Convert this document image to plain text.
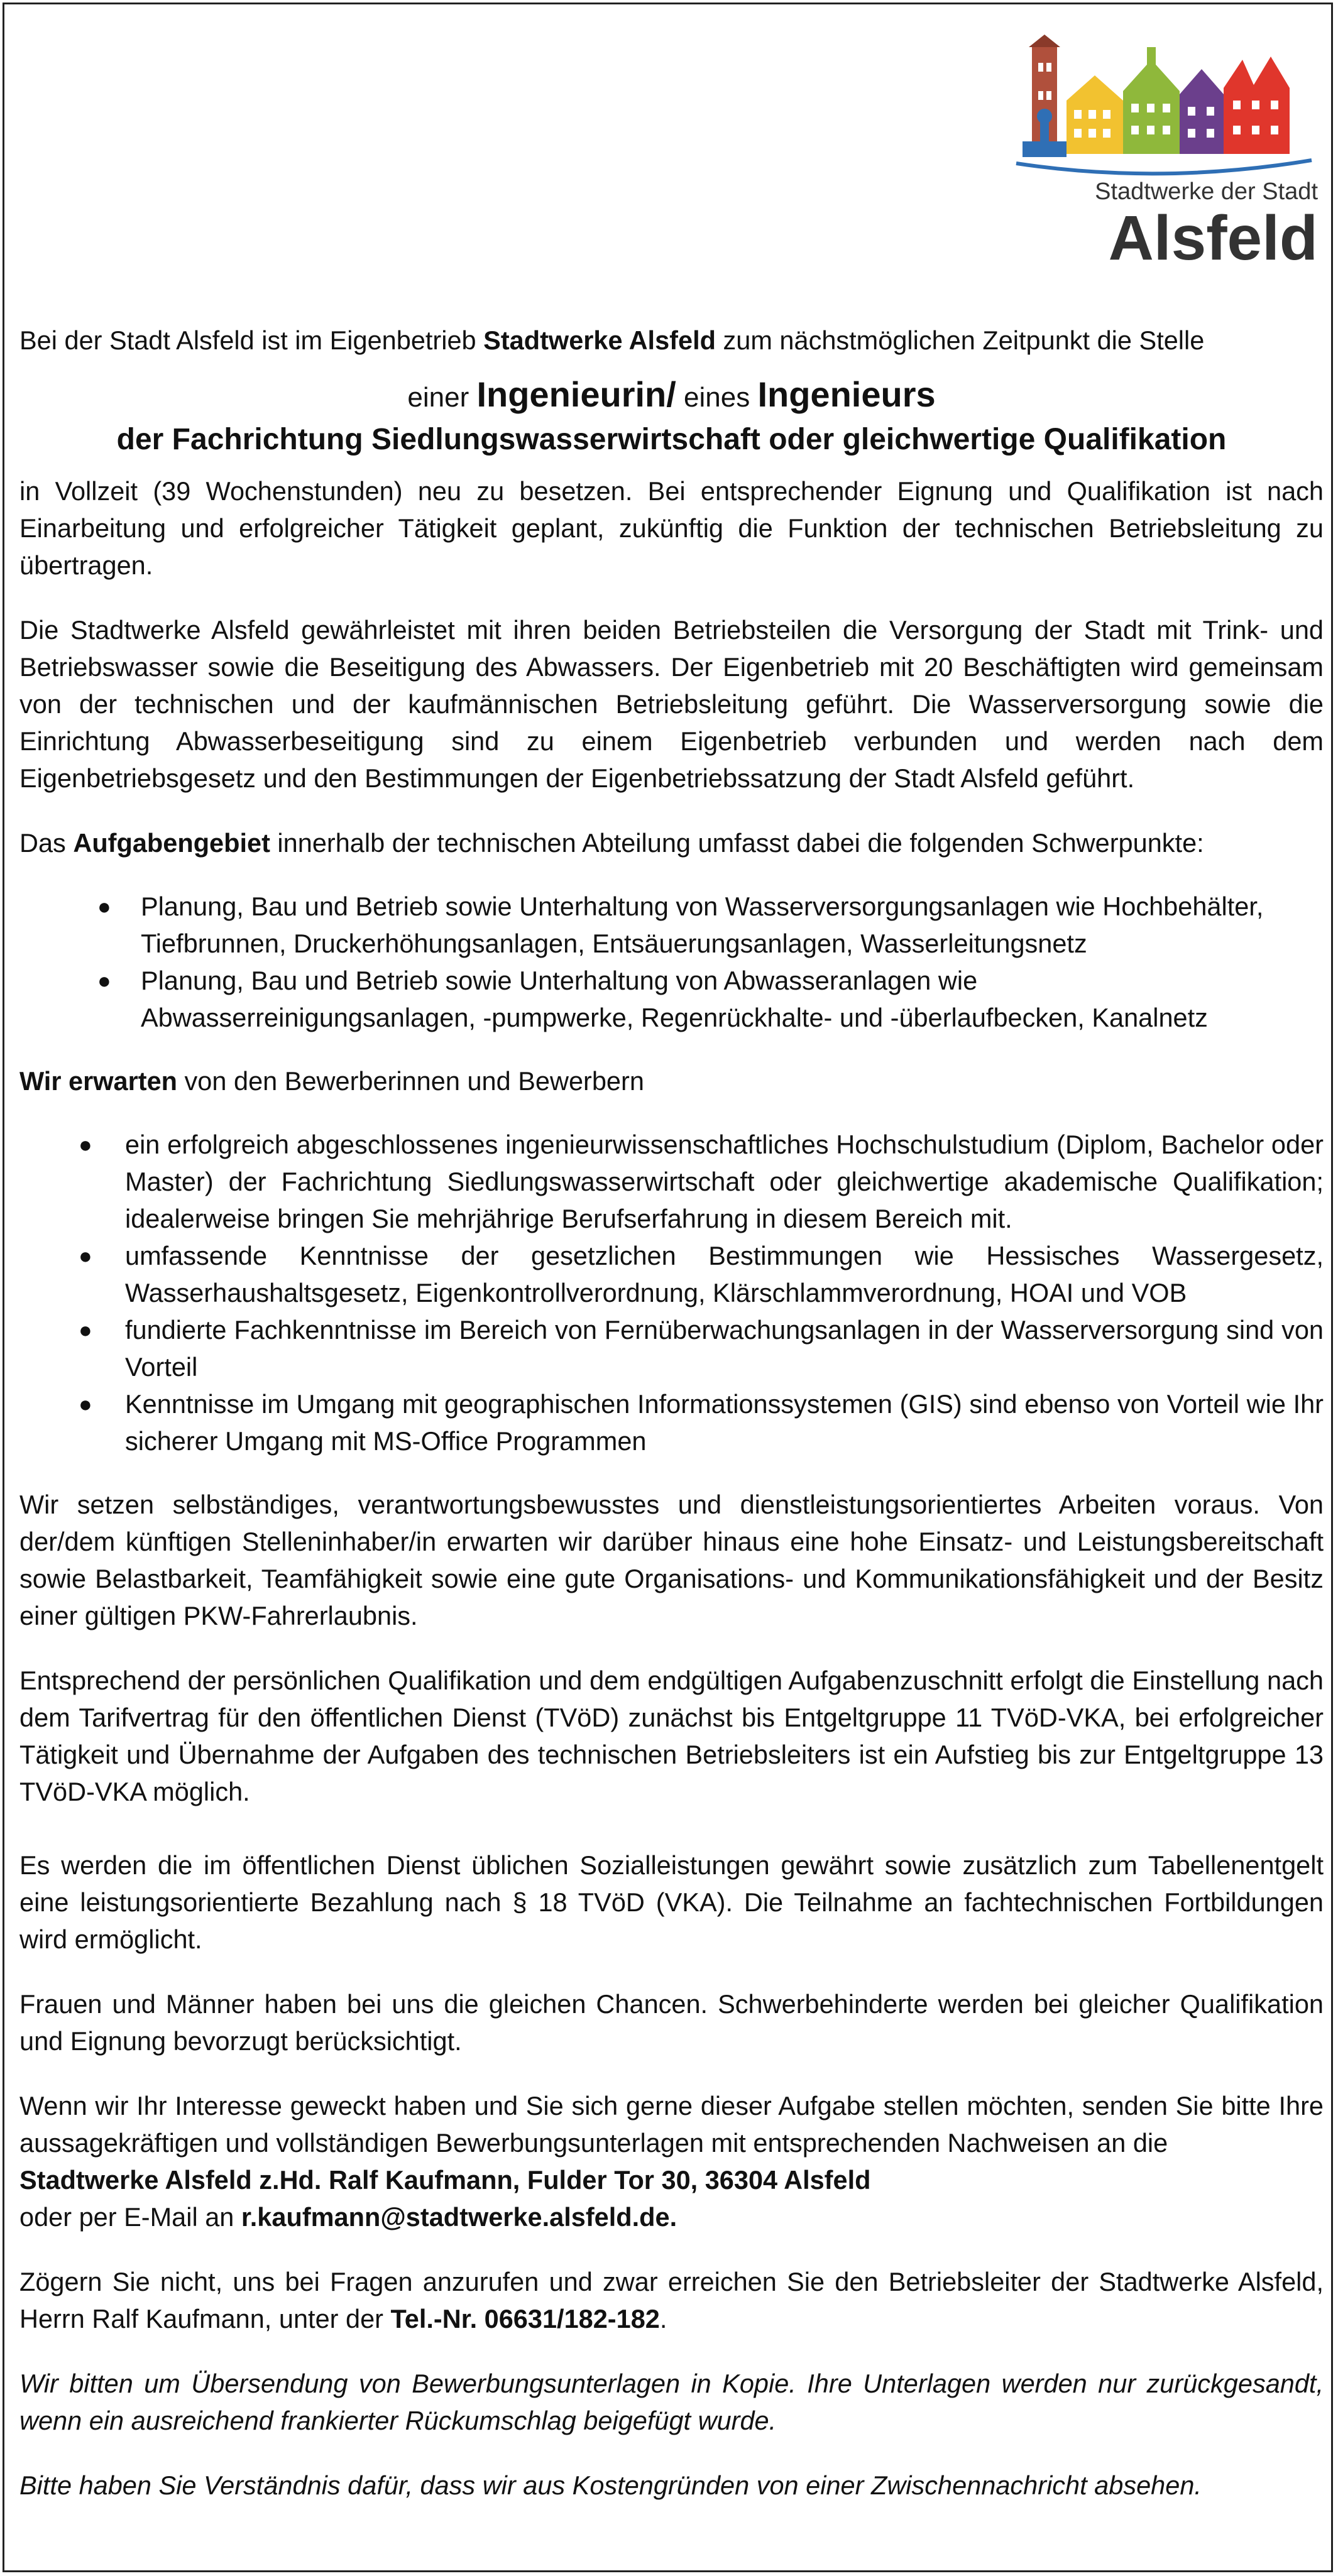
Stadtwerke der Stadt
Alsfeld

Bei der Stadt Alsfeld ist im Eigenbetrieb Stadtwerke Alsfeld zum nächstmöglichen Zeitpunkt die Stelle

einer Ingenieurin/ eines Ingenieurs
der Fachrichtung Siedlungswasserwirtschaft oder gleichwertige Qualifikation

in Vollzeit (39 Wochenstunden) neu zu besetzen. Bei entsprechender Eignung und Qualifikation ist nach Einarbeitung und erfolgreicher Tätigkeit geplant, zukünftig die Funktion der technischen Betriebsleitung zu übertragen.

Die Stadtwerke Alsfeld gewährleistet mit ihren beiden Betriebsteilen die Versorgung der Stadt mit Trink- und Betriebswasser sowie die Beseitigung des Abwassers. Der Eigenbetrieb mit 20 Beschäftigten wird gemeinsam von der technischen und der kaufmännischen Betriebsleitung geführt. Die Wasserversorgung sowie die Einrichtung Abwasserbeseitigung sind zu einem Eigenbetrieb verbunden und werden nach dem Eigenbetriebsgesetz und den Bestimmungen der Eigenbetriebssatzung der Stadt Alsfeld geführt.

Das Aufgabengebiet innerhalb der technischen Abteilung umfasst dabei die folgenden Schwerpunkte:

● Planung, Bau und Betrieb sowie Unterhaltung von Wasserversorgungsanlagen wie Hochbehälter,
Tiefbrunnen, Druckerhöhungsanlagen, Entsäuerungsanlagen, Wasserleitungsnetz
● Planung, Bau und Betrieb sowie Unterhaltung von Abwasseranlagen wie
Abwasserreinigungsanlagen, -pumpwerke, Regenrückhalte- und -überlaufbecken, Kanalnetz

Wir erwarten von den Bewerberinnen und Bewerbern

● ein erfolgreich abgeschlossenes ingenieurwissenschaftliches Hochschulstudium (Diplom, Bachelor oder Master) der Fachrichtung Siedlungswasserwirtschaft oder gleichwertige akademische Qualifikation; idealerweise bringen Sie mehrjährige Berufserfahrung in diesem Bereich mit.
● umfassende Kenntnisse der gesetzlichen Bestimmungen wie Hessisches Wassergesetz, Wasserhaushaltsgesetz, Eigenkontrollverordnung, Klärschlammverordnung, HOAI und VOB
● fundierte Fachkenntnisse im Bereich von Fernüberwachungsanlagen in der Wasserversorgung sind von Vorteil
● Kenntnisse im Umgang mit geographischen Informationssystemen (GIS) sind ebenso von Vorteil wie Ihr sicherer Umgang mit MS-Office Programmen

Wir setzen selbständiges, verantwortungsbewusstes und dienstleistungsorientiertes Arbeiten voraus. Von der/dem künftigen Stelleninhaber/in erwarten wir darüber hinaus eine hohe Einsatz- und Leistungsbereitschaft sowie Belastbarkeit, Teamfähigkeit sowie eine gute Organisations- und Kommunikationsfähigkeit und der Besitz einer gültigen PKW-Fahrerlaubnis.

Entsprechend der persönlichen Qualifikation und dem endgültigen Aufgabenzuschnitt erfolgt die Einstellung nach dem Tarifvertrag für den öffentlichen Dienst (TVöD) zunächst bis Entgeltgruppe 11 TVöD-VKA, bei erfolgreicher Tätigkeit und Übernahme der Aufgaben des technischen Betriebsleiters ist ein Aufstieg bis zur Entgeltgruppe 13 TVöD-VKA möglich.

Es werden die im öffentlichen Dienst üblichen Sozialleistungen gewährt sowie zusätzlich zum Tabellenentgelt eine leistungsorientierte Bezahlung nach § 18 TVöD (VKA). Die Teilnahme an fachtechnischen Fortbildungen wird ermöglicht.

Frauen und Männer haben bei uns die gleichen Chancen. Schwerbehinderte werden bei gleicher Qualifikation und Eignung bevorzugt berücksichtigt.

Wenn wir Ihr Interesse geweckt haben und Sie sich gerne dieser Aufgabe stellen möchten, senden Sie bitte Ihre aussagekräftigen und vollständigen Bewerbungsunterlagen mit entsprechenden Nachweisen an die

Stadtwerke Alsfeld z.Hd. Ralf Kaufmann, Fulder Tor 30, 36304 Alsfeld

oder per E-Mail an r.kaufmann@stadtwerke.alsfeld.de.

Zögern Sie nicht, uns bei Fragen anzurufen und zwar erreichen Sie den Betriebsleiter der Stadtwerke Alsfeld, Herrn Ralf Kaufmann, unter der Tel.-Nr. 06631/182-182.

Wir bitten um Übersendung von Bewerbungsunterlagen in Kopie. Ihre Unterlagen werden nur zurückgesandt, wenn ein ausreichend frankierter Rückumschlag beigefügt wurde.

Bitte haben Sie Verständnis dafür, dass wir aus Kostengründen von einer Zwischennachricht absehen.
